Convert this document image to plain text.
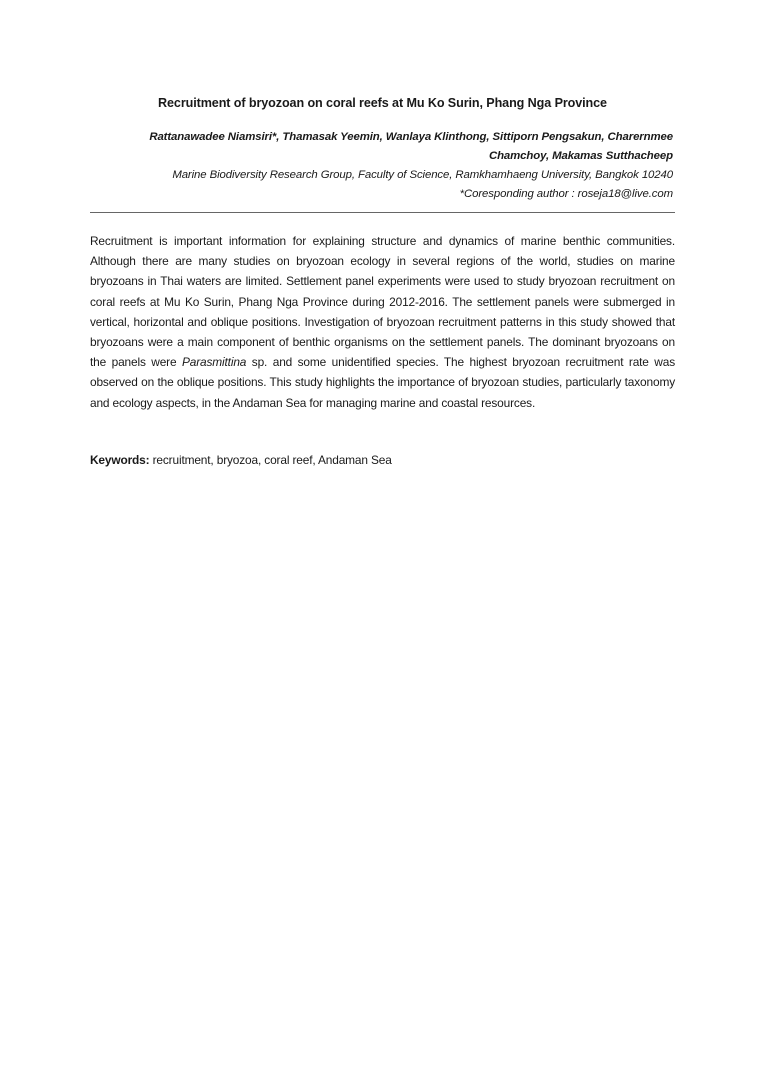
Recruitment of bryozoan on coral reefs at Mu Ko Surin, Phang Nga Province
Rattanawadee Niamsiri*, Thamasak Yeemin, Wanlaya Klinthong, Sittiporn Pengsakun, Charernmee
Chamchoy, Makamas Sutthacheep
Marine Biodiversity Research Group, Faculty of Science, Ramkhamhaeng University, Bangkok 10240
*Coresponding author : roseja18@live.com

Recruitment is important information for explaining structure and dynamics of marine benthic communities. Although there are many studies on bryozoan ecology in several regions of the world, studies on marine bryozoans in Thai waters are limited. Settlement panel experiments were used to study bryozoan recruitment on coral reefs at Mu Ko Surin, Phang Nga Province during 2012-2016. The settlement panels were submerged in vertical, horizontal and oblique positions. Investigation of bryozoan recruitment patterns in this study showed that bryozoans were a main component of benthic organisms on the settlement panels. The dominant bryozoans on the panels were Parasmittina sp. and some unidentified species. The highest bryozoan recruitment rate was observed on the oblique positions. This study highlights the importance of bryozoan studies, particularly taxonomy and ecology aspects, in the Andaman Sea for managing marine and coastal resources.

Keywords: recruitment, bryozoa, coral reef, Andaman Sea
